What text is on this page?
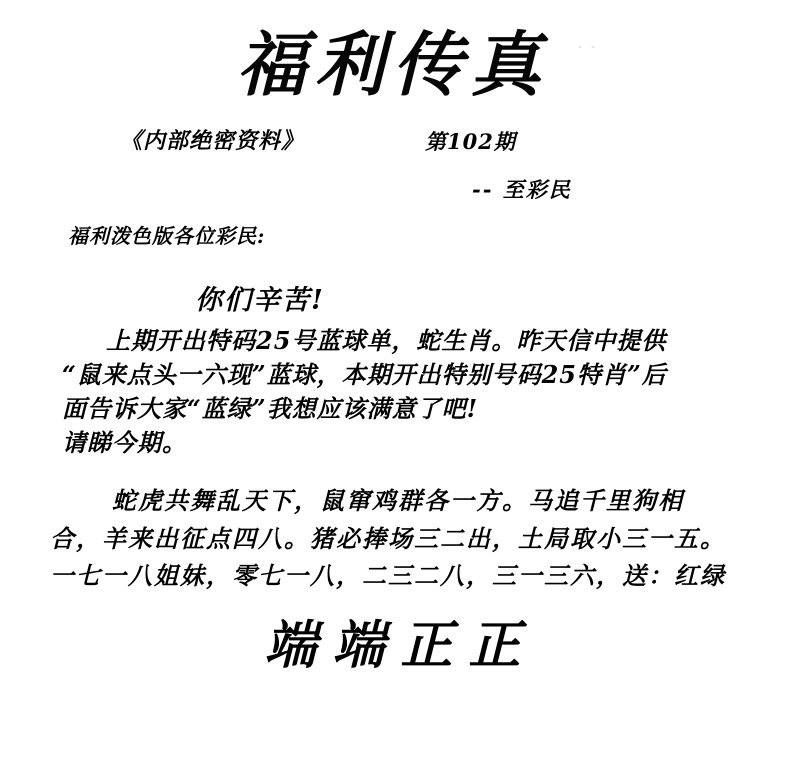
- -
福利传真
《内部绝密资料》	第102期
-- 至彩民
福利泼色版各位彩民:
你们辛苦!
上期开出特码25号蓝球单，蛇生肖。昨天信中提供
“鼠来点头一六现”蓝球，本期开出特别号码25特肖”后
面告诉大家“蓝绿”我想应该满意了吧!
请睇今期。
蛇虎共舞乱天下，鼠窜鸡群各一方。马追千里狗相
合，羊来出征点四八。猪必捧场三二出，土局取小三一五。
一七一八姐妹，零七一八，二三二八，三一三六，送：红绿
端端正正
